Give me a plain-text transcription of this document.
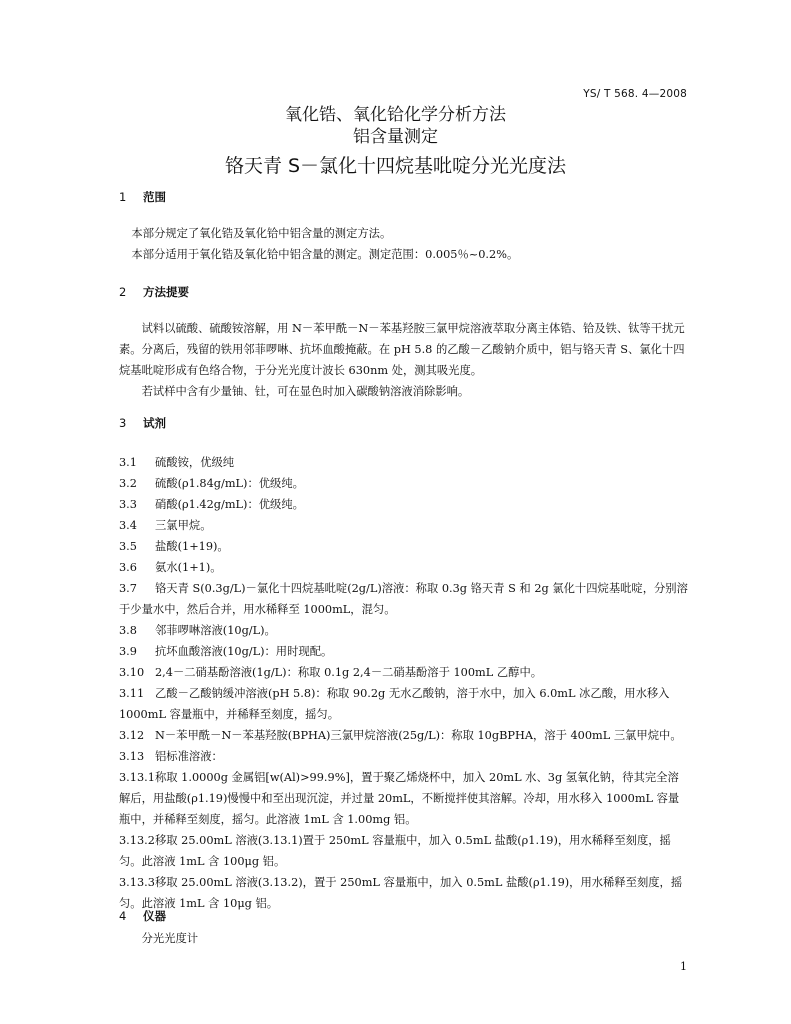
YS/ T 568. 4—2008
氧化锆、氧化铪化学分析方法
铝含量测定
铬天青 S－氯化十四烷基吡啶分光光度法
1 范围
本部分规定了氧化锆及氧化铪中铝含量的测定方法。
本部分适用于氧化锆及氧化铪中铝含量的测定。测定范围：0.005％~0.2%。
2 方法提要
试料以硫酸、硫酸铵溶解，用 N－苯甲酰－N－苯基羟胺三氯甲烷溶液萃取分离主体锆、铪及铁、钛等干扰元素。分离后，残留的铁用邻菲啰啉、抗坏血酸掩蔽。在 pH 5.8 的乙酸－乙酸钠介质中，铝与铬天青 S、氯化十四烷基吡啶形成有色络合物，于分光光度计波长 630nm 处，测其吸光度。
若试样中含有少量铀、钍，可在显色时加入碳酸钠溶液消除影响。
3 试剂
3.1 硫酸铵，优级纯
3.2 硫酸(ρ1.84g/mL)：优级纯。
3.3 硝酸(ρ1.42g/mL)：优级纯。
3.4 三氯甲烷。
3.5 盐酸(1+19)。
3.6 氨水(1+1)。
3.7 铬天青 S(0.3g/L)－氯化十四烷基吡啶(2g/L)溶液：称取 0.3g 铬天青 S 和 2g 氯化十四烷基吡啶，分别溶于少量水中，然后合并，用水稀释至 1000mL，混匀。
3.8 邻菲啰啉溶液(10g/L)。
3.9 抗坏血酸溶液(10g/L)：用时现配。
3.10 2,4－二硝基酚溶液(1g/L)：称取 0.1g 2,4－二硝基酚溶于 100mL 乙醇中。
3.11 乙酸－乙酸钠缓冲溶液(pH 5.8)：称取 90.2g 无水乙酸钠，溶于水中，加入 6.0mL 冰乙酸，用水移入 1000mL 容量瓶中，并稀释至刻度，摇匀。
3.12 N－苯甲酰－N－苯基羟胺(BPHA)三氯甲烷溶液(25g/L)：称取 10gBPHA，溶于 400mL 三氯甲烷中。
3.13 铝标准溶液：
3.13.1称取 1.0000g 金属铝[w(Al)>99.9%]，置于聚乙烯烧杯中，加入 20mL 水、3g 氢氧化钠，待其完全溶解后，用盐酸(ρ1.19)慢慢中和至出现沉淀，并过量 20mL，不断搅拌使其溶解。冷却，用水移入 1000mL 容量瓶中，并稀释至刻度，摇匀。此溶液 1mL 含 1.00mg 铝。
3.13.2移取 25.00mL 溶液(3.13.1)置于 250mL 容量瓶中，加入 0.5mL 盐酸(ρ1.19)，用水稀释至刻度，摇匀。此溶液 1mL 含 100μg 铝。
3.13.3移取 25.00mL 溶液(3.13.2)，置于 250mL 容量瓶中，加入 0.5mL 盐酸(ρ1.19)，用水稀释至刻度，摇匀。此溶液 1mL 含 10μg 铝。
4 仪器
分光光度计
1
